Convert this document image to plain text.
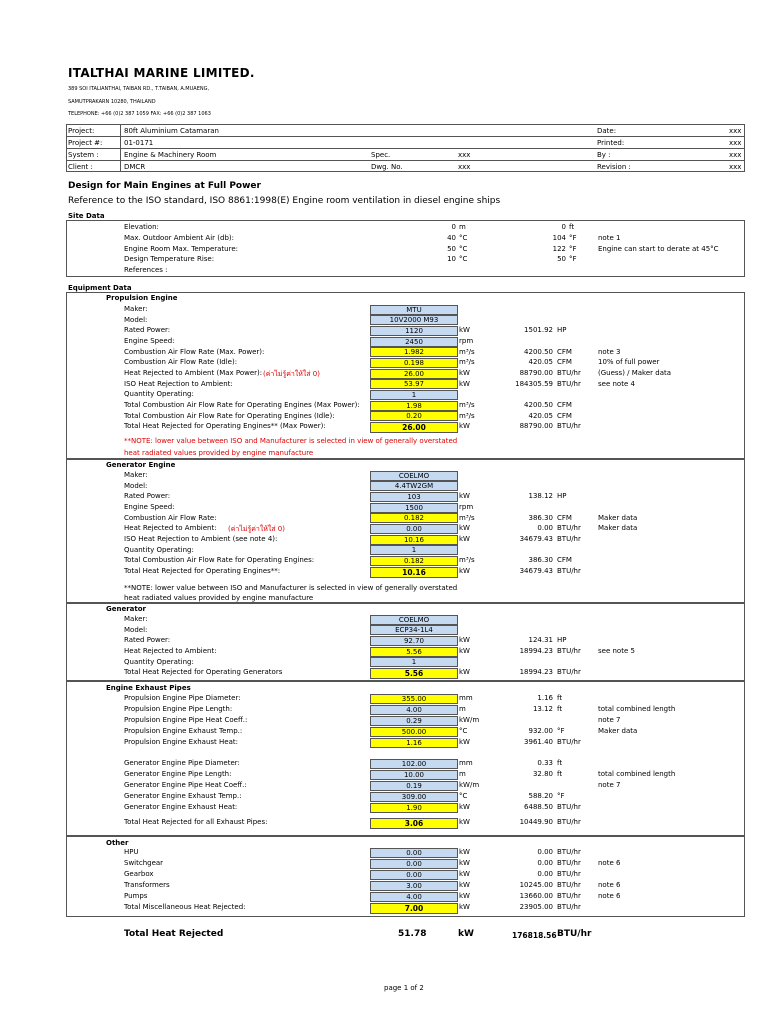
ITALTHAI MARINE LIMITED.
389 SOI ITALIANTHAI, TAIBAN RD., T.TAIBAN, A.MUAENG,
SAMUTPRAKARN 10280, THAILAND
TELEPHONE: +66 (0)2 387 1059 FAX: +66 (0)2 387 1063
Project:	80ft Aluminium Catamaran	Date:	xxx
Project #:	01-0171	Printed:	xxx
System :	Engine & Machinery Room	Spec.	xxx	By :	xxx
Client :	DMCR	Dwg. No.	xxx	Revision :	xxx
Design for Main Engines at Full Power
Reference to the ISO standard, ISO 8861:1998(E) Engine room ventilation in diesel engine ships
Site Data
Elevation:	0 m	0 ft
Max. Outdoor Ambient Air (db):	40 °C	104 °F	note 1
Engine Room Max. Temperature:	50 °C	122 °F	Engine can start to derate at 45°C
Design Temperature Rise:	10 °C	50 °F
References :
Equipment Data
Propulsion Engine
Generator Engine
Generator
Engine Exhaust Pipes
Other
Maker:	MTU
Model:	10V2000 M93
Rated Power:	1120	kW	1501.92 HP
Engine Speed:	2450	rpm
Combustion Air Flow Rate (Max. Power):	1.982	m³/s	4200.50 CFM	note 3
Combustion Air Flow Rate (Idle):	0.198	m³/s	420.05 CFM	10% of full power
Heat Rejected to Ambient (Max Power): (ค่าไม่รู้ค่าให้ใส่ 0)	26.00	kW	88790.00 BTU/hr (Guess) / Maker data
ISO Heat Rejection to Ambient:	53.97	kW	184305.59 BTU/hr see note 4
Quantity Operating:	1
Total Combustion Air Flow Rate for Operating Engines (Max Power):	1.98	m³/s	4200.50 CFM
Total Combustion Air Flow Rate for Operating Engines (Idle):	0.20	m³/s	420.05 CFM
Total Heat Rejected for Operating Engines** (Max Power):	26.00	kW	88790.00 BTU/hr
Maker:	COELMO
Model:	4.4TW2GM
Rated Power:	103	kW	138.12 HP
Engine Speed:	1500	rpm
Combustion Air Flow Rate:	0.182	m³/s	386.30 CFM	Maker data
Heat Rejected to Ambient: (ค่าไม่รู้ค่าให้ใส่ 0)	0.00	kW	0.00 BTU/hr Maker data
ISO Heat Rejection to Ambient (see note 4):	10.16	kW	34679.43 BTU/hr
Quantity Operating:	1
Total Combustion Air Flow Rate for Operating Engines:	0.182	m³/s	386.30 CFM
Total Heat Rejected for Operating Engines**:	10.16	kW	34679.43 BTU/hr
Maker:	COELMO
Model:	ECP34-1L4
Rated Power:	92.70	kW	124.31 HP
Heat Rejected to Ambient:	5.56	kW	18994.23 BTU/hr see note 5
Quantity Operating:	1
Total Heat Rejected for Operating Generators	5.56	kW	18994.23 BTU/hr
Propulsion Engine Pipe Diameter:	355.00	mm	1.16 ft
Propulsion Engine Pipe Length:	4.00	m	13.12 ft	total combined length
Propulsion Engine Pipe Heat Coeff.:	0.29	kW/m	note 7
Propulsion Engine Exhaust Temp.:	500.00	°C	932.00 °F	Maker data
Propulsion Engine Exhaust Heat:	1.16	kW	3961.40 BTU/hr
Generator Engine Pipe Diameter:	102.00	mm	0.33 ft
Generator Engine Pipe Length:	10.00	m	32.80 ft	total combined length
Generator Engine Pipe Heat Coeff.:	0.19	kW/m	note 7
Generator Engine Exhaust Temp.:	309.00	°C	588.20 °F
Generator Engine Exhaust Heat:	1.90	kW	6488.50 BTU/hr
Total Heat Rejected for all Exhaust Pipes:	3.06	kW	10449.90 BTU/hr
HPU	0.00	kW	0.00 BTU/hr
Switchgear	0.00	kW	0.00 BTU/hr note 6
Gearbox	0.00	kW	0.00 BTU/hr
Transformers	3.00	kW	10245.00 BTU/hr note 6
Pumps	4.00	kW	13660.00 BTU/hr note 6
Total Miscellaneous Heat Rejected:	7.00	kW	23905.00 BTU/hr
**NOTE: lower value between ISO and Manufacturer is selected in view of generally overstated
heat radiated values provided by engine manufacture
**NOTE: lower value between ISO and Manufacturer is selected in view of generally overstated
heat radiated values provided by engine manufacture
Total Heat Rejected	51.78	kW	176818.56 BTU/hr
page 1 of 2
